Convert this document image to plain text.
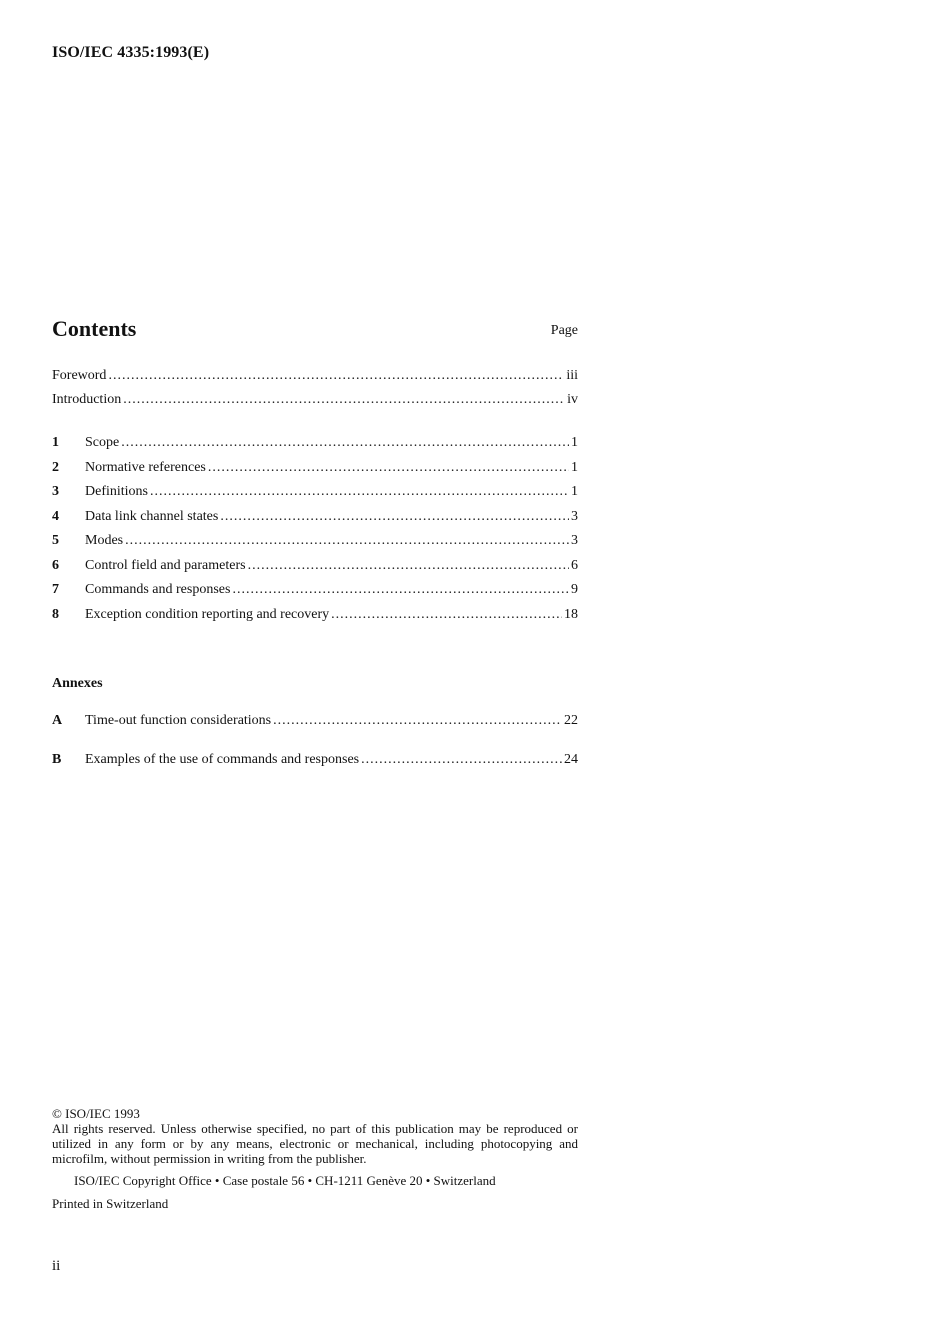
ISO/IEC 4335:1993(E)
Contents	Page
Foreword .....	iii
Introduction .....	iv
1	Scope .....	1
2	Normative references .....	1
3	Definitions .....	1
4	Data link channel states .....	3
5	Modes .....	3
6	Control field and parameters .....	6
7	Commands and responses .....	9
8	Exception condition reporting and recovery .....	18
A	Time-out function considerations .....	22
B	Examples of the use of commands and responses .....	24
Annexes
© ISO/IEC 1993
All rights reserved. Unless otherwise specified, no part of this publication may be reproduced or utilized in any form or by any means, electronic or mechanical, including photocopying and microfilm, without permission in writing from the publisher.
ISO/IEC Copyright Office • Case postale 56 • CH-1211 Genève 20 • Switzerland
Printed in Switzerland
ii
